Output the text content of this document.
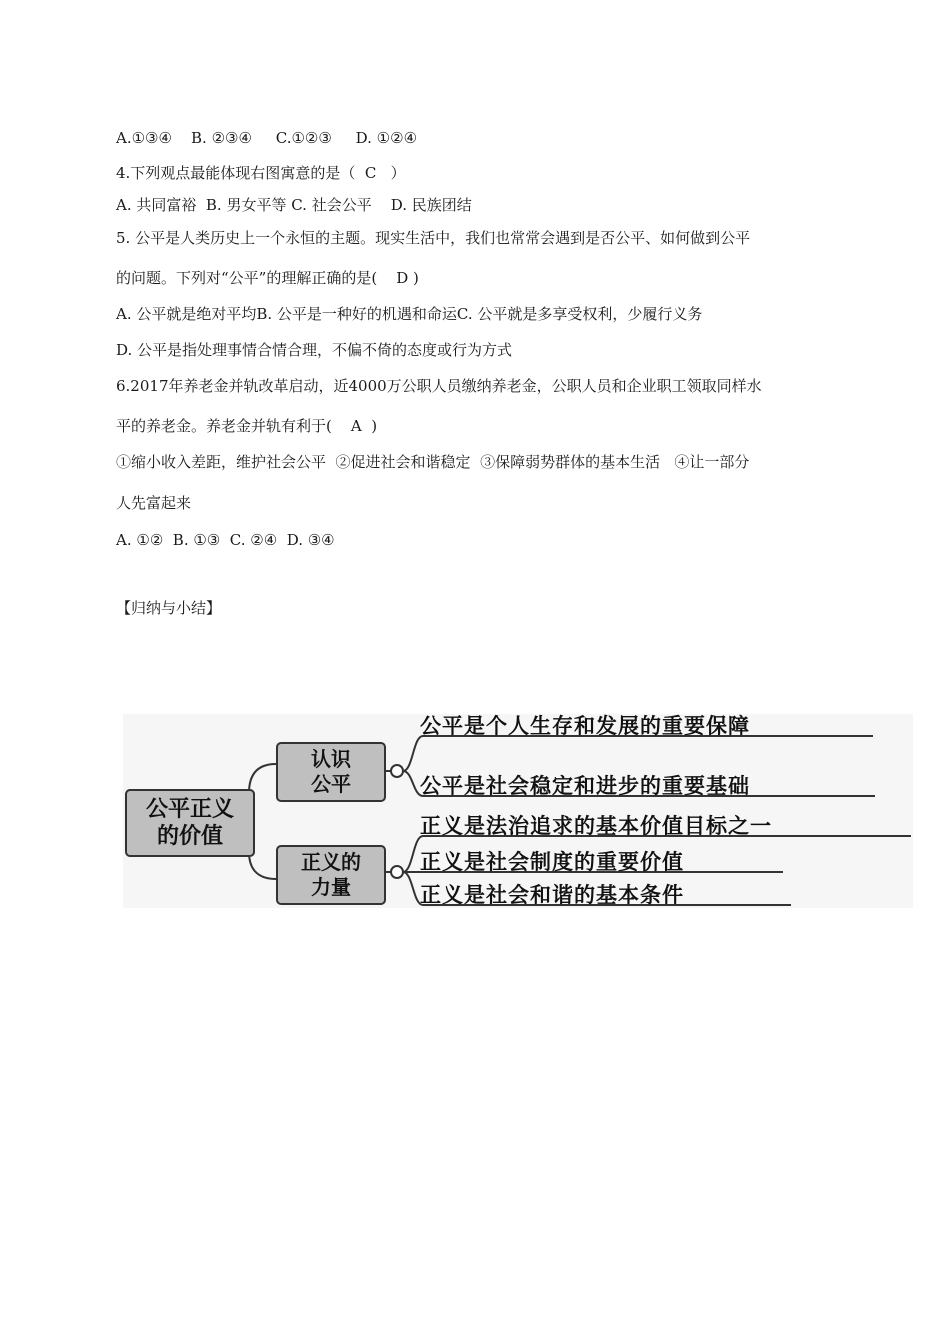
A.①③④    B. ②③④     C.①②③     D. ①②④
4.下列观点最能体现右图寓意的是（  C   ）
A. 共同富裕  B. 男女平等 C. 社会公平    D. 民族团结
5. 公平是人类历史上一个永恒的主题。现实生活中，我们也常常会遇到是否公平、如何做到公平
的问题。下列对“公平”的理解正确的是(    D )
A. 公平就是绝对平均B. 公平是一种好的机遇和命运C. 公平就是多享受权利，少履行义务
D. 公平是指处理事情合情合理，不偏不倚的态度或行为方式
6.2017年养老金并轨改革启动，近4000万公职人员缴纳养老金，公职人员和企业职工领取同样水
平的养老金。养老金并轨有利于(    A  )
①缩小收入差距，维护社会公平  ②促进社会和谐稳定  ③保障弱势群体的基本生活   ④让一部分
人先富起来
A. ①②  B. ①③  C. ②④  D. ③④
【归纳与小结】
公平正义
的价值
认识
公平
正义的
力量
公平是个人生存和发展的重要保障
公平是社会稳定和进步的重要基础
正义是法治追求的基本价值目标之一
正义是社会制度的重要价值
正义是社会和谐的基本条件
